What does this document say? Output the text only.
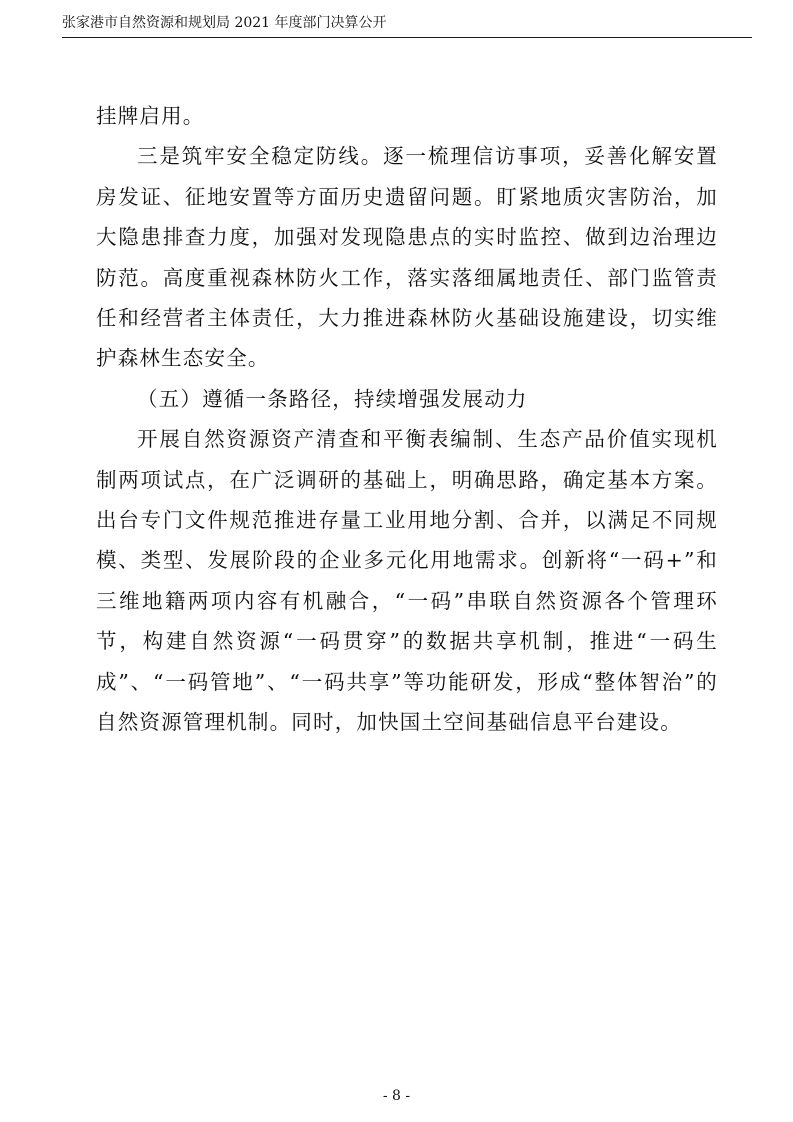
张家港市自然资源和规划局 2021 年度部门决算公开

挂牌启用。

三是筑牢安全稳定防线。逐一梳理信访事项，妥善化解安置房发证、征地安置等方面历史遗留问题。盯紧地质灾害防治，加大隐患排查力度，加强对发现隐患点的实时监控、做到边治理边防范。高度重视森林防火工作，落实落细属地责任、部门监管责任和经营者主体责任，大力推进森林防火基础设施建设，切实维护森林生态安全。

（五）遵循一条路径，持续增强发展动力

开展自然资源资产清查和平衡表编制、生态产品价值实现机制两项试点，在广泛调研的基础上，明确思路，确定基本方案。出台专门文件规范推进存量工业用地分割、合并，以满足不同规模、类型、发展阶段的企业多元化用地需求。创新将“一码+”和三维地籍两项内容有机融合，“一码”串联自然资源各个管理环节，构建自然资源“一码贯穿”的数据共享机制，推进“一码生成”、“一码管地”、“一码共享”等功能研发，形成“整体智治”的自然资源管理机制。同时，加快国土空间基础信息平台建设。

- 8 -
